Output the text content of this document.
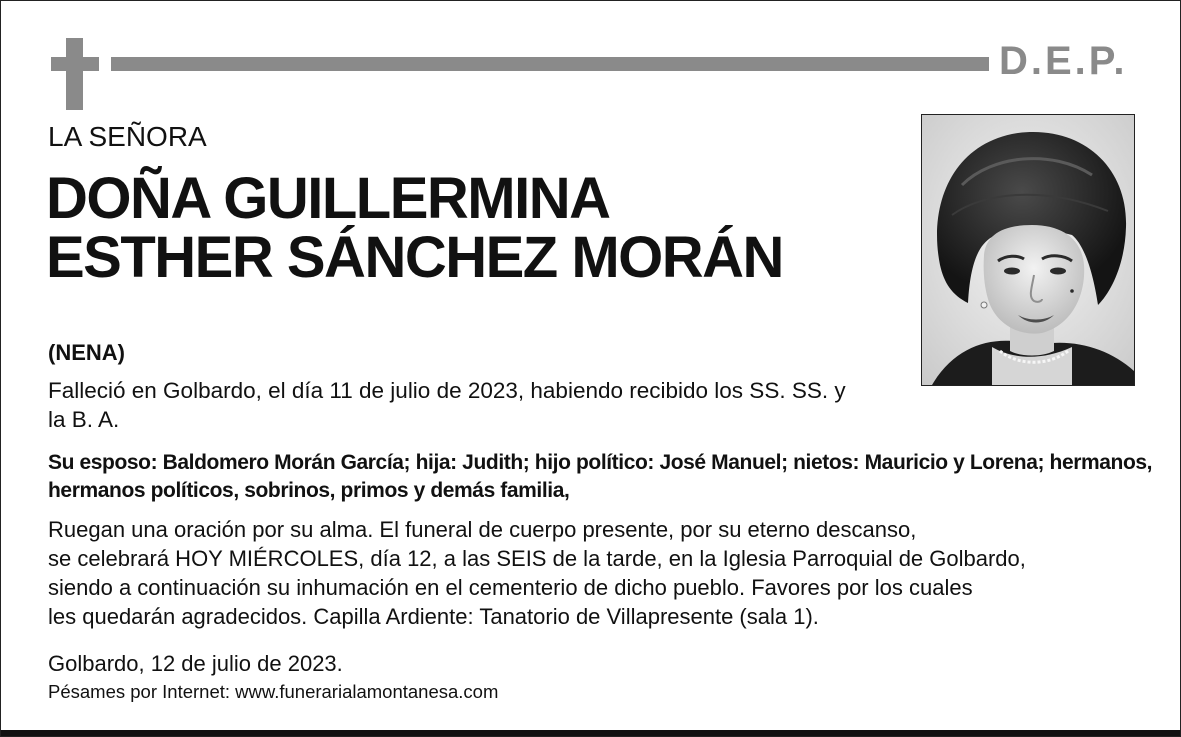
D.E.P.
LA SEÑORA
DOÑA GUILLERMINA
ESTHER SÁNCHEZ MORÁN
(NENA)
Falleció en Golbardo, el día 11 de julio de 2023, habiendo recibido los SS. SS. y la B. A.
Su esposo: Baldomero Morán García; hija: Judith; hijo político: José Manuel; nietos: Mauricio y Lorena; hermanos, hermanos políticos, sobrinos, primos y demás familia,
Ruegan una oración por su alma. El funeral de cuerpo presente, por su eterno descanso,
se celebrará HOY MIÉRCOLES, día 12, a las SEIS de la tarde, en la Iglesia Parroquial de Golbardo,
siendo a continuación su inhumación en el cementerio de dicho pueblo. Favores por los cuales
les quedarán agradecidos. Capilla Ardiente: Tanatorio de Villapresente (sala 1).
Golbardo, 12 de julio de 2023.
Pésames por Internet: www.funerarialamontanesa.com
